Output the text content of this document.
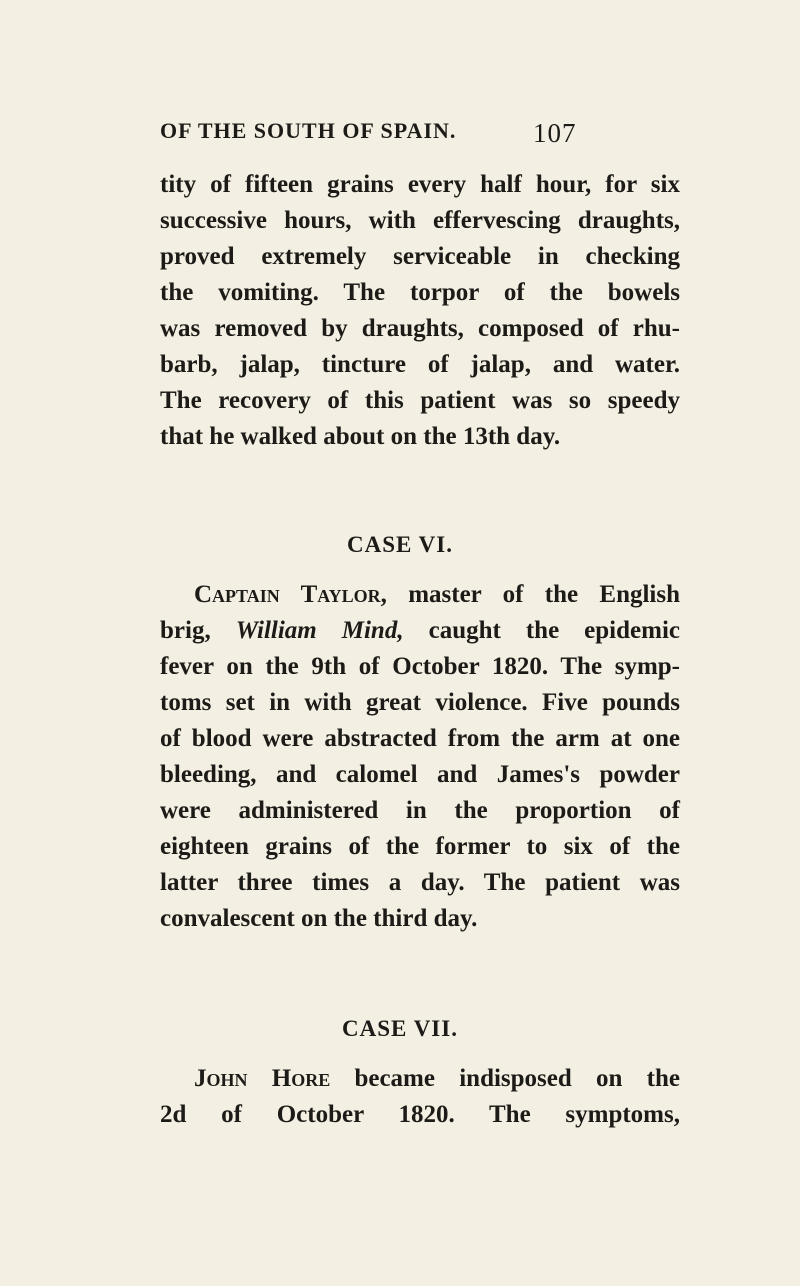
OF THE SOUTH OF SPAIN.	107
tity of fifteen grains every half hour, for six
successive hours, with effervescing draughts,
proved extremely serviceable in checking
the vomiting. The torpor of the bowels
was removed by draughts, composed of rhu-
barb, jalap, tincture of jalap, and water.
The recovery of this patient was so speedy
that he walked about on the 13th day.
CASE VI.
Captain Taylor, master of the English
brig, William Mind, caught the epidemic
fever on the 9th of October 1820. The symp-
toms set in with great violence. Five pounds
of blood were abstracted from the arm at one
bleeding, and calomel and James's powder
were administered in the proportion of
eighteen grains of the former to six of the
latter three times a day. The patient was
convalescent on the third day.
CASE VII.
John Hore became indisposed on the
2d of October 1820. The symptoms,
